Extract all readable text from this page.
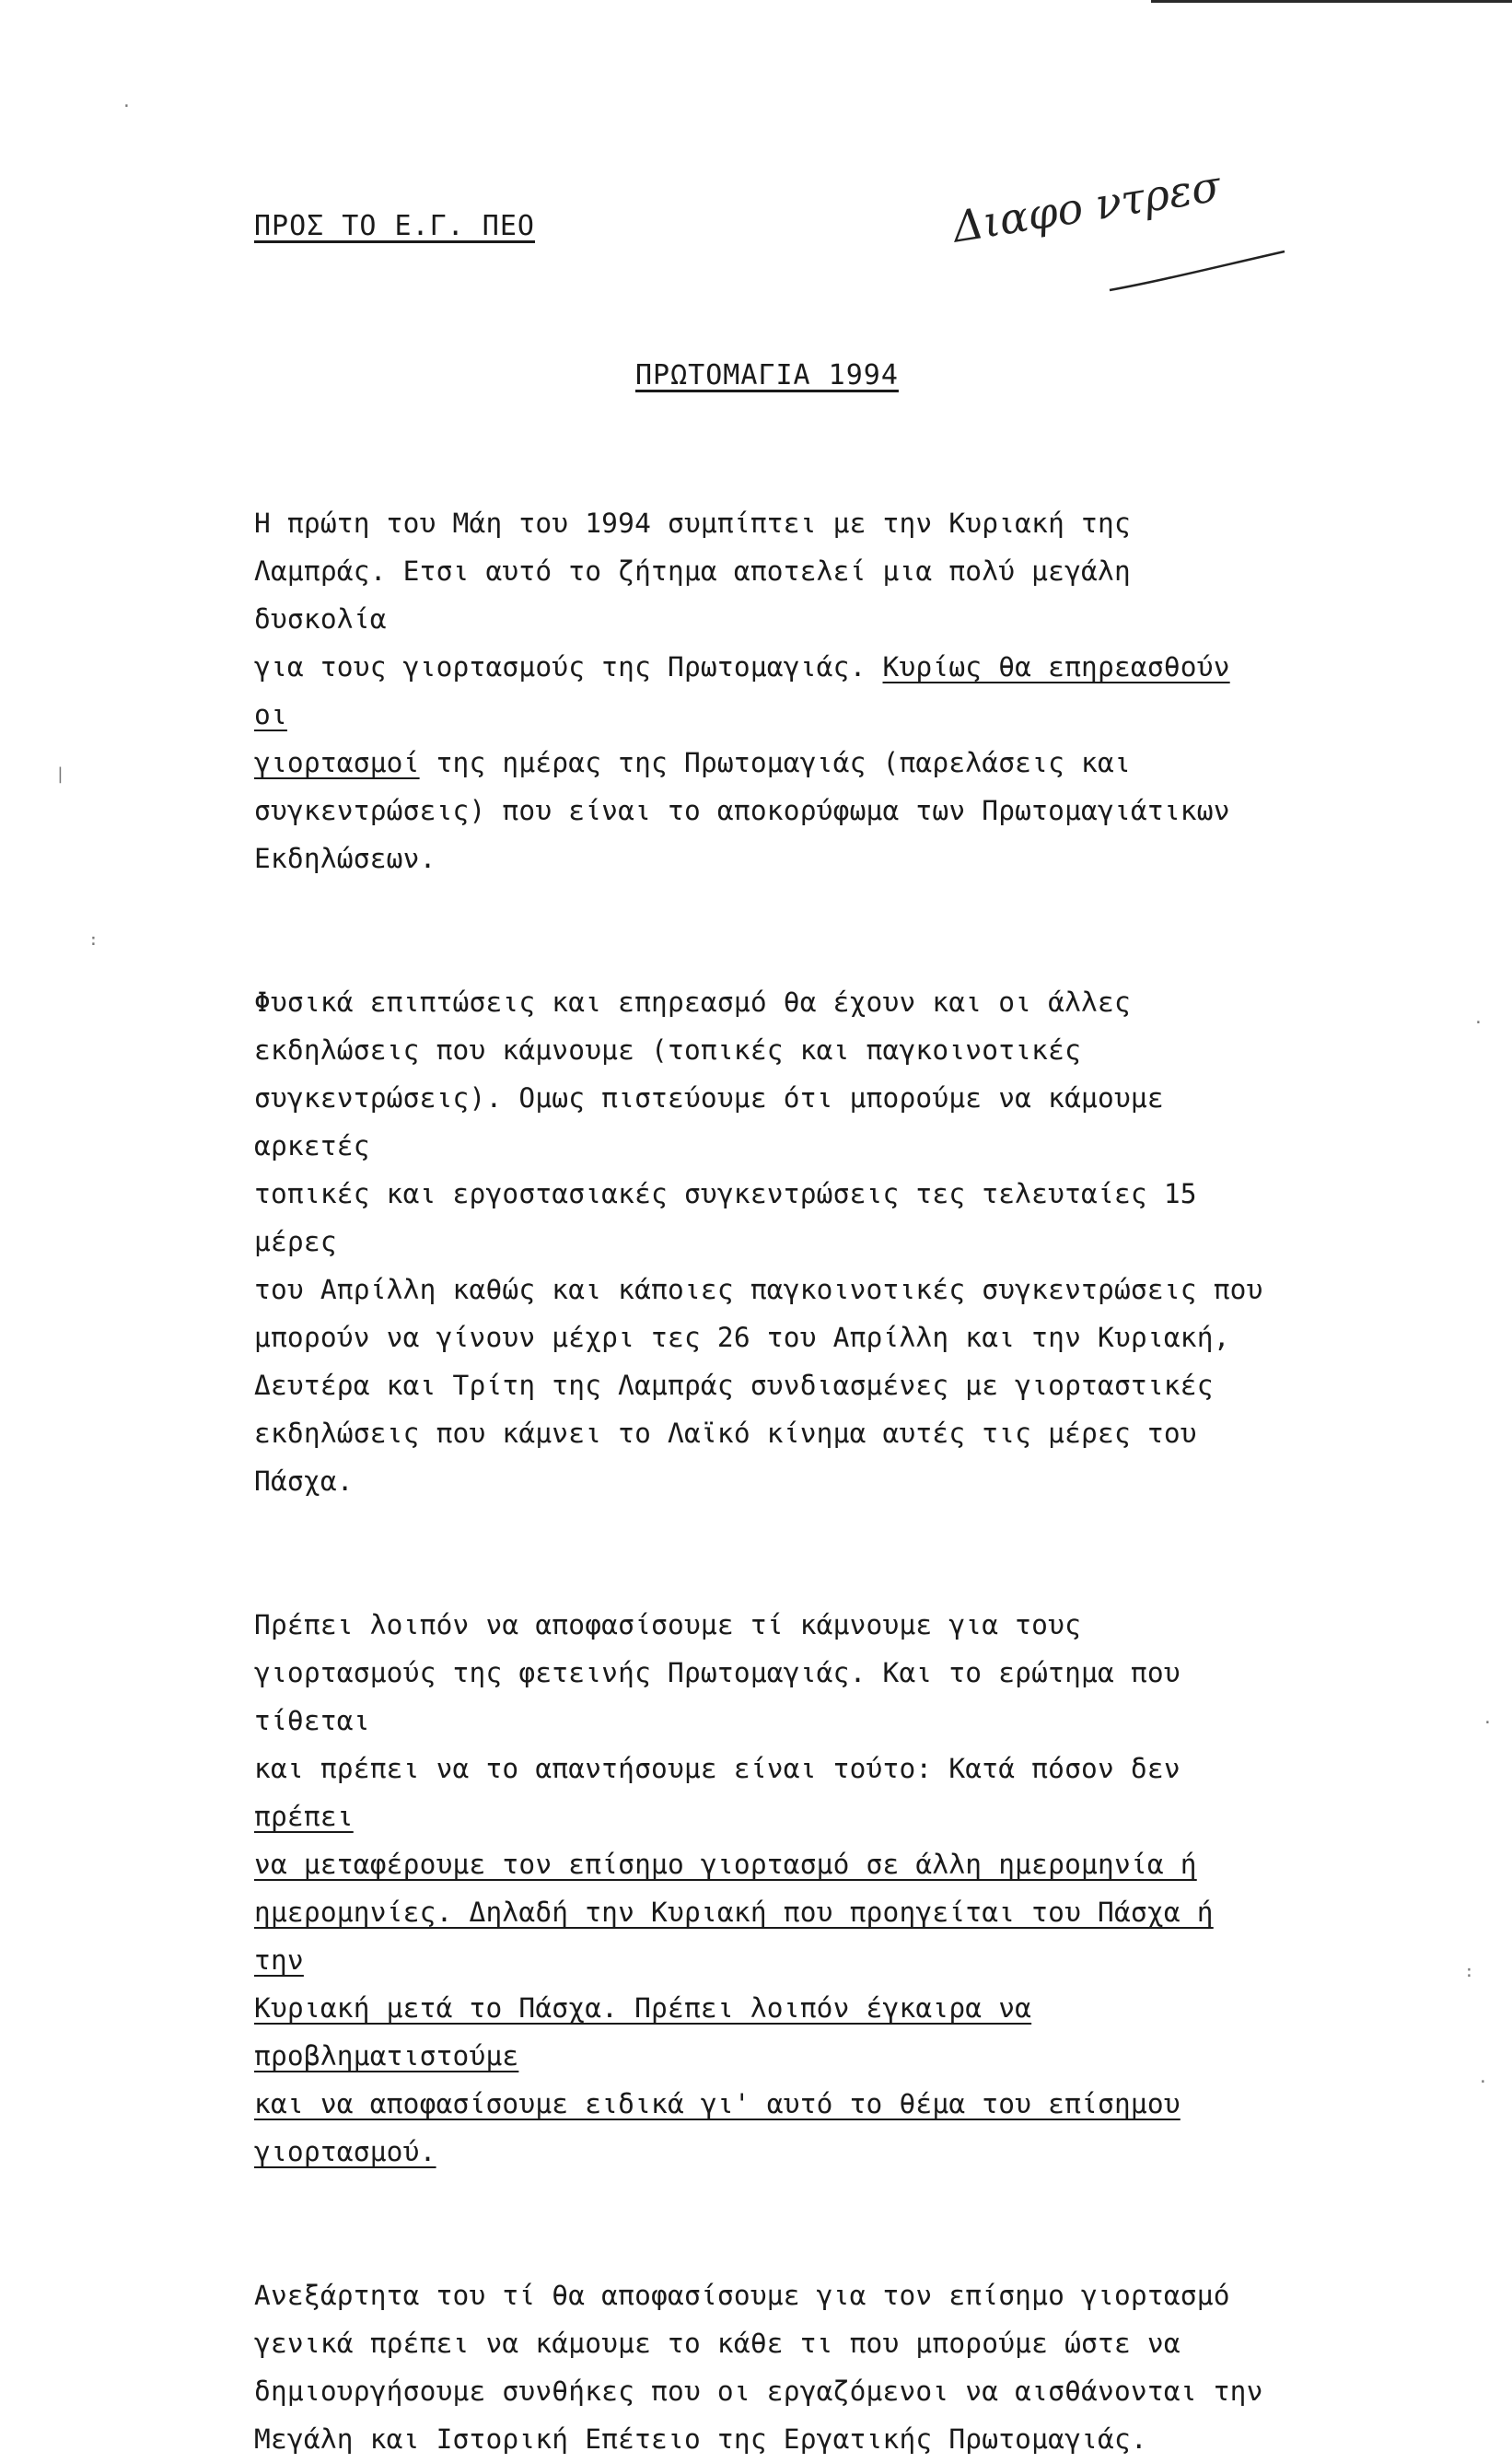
ΠΡΟΣ ΤΟ Ε.Γ. ΠΕΟ	Διαφο ντρεσ
ΠΡΩΤΟΜΑΓΙΑ 1994

Η πρώτη του Μάη του 1994 συμπίπτει με την Κυριακή της
Λαμπράς. Ετσι αυτό το ζήτημα αποτελεί μια πολύ μεγάλη δυσκολία
για τους γιορτασμούς της Πρωτομαγιάς. Κυρίως θα επηρεασθούν οι
γιορτασμοί της ημέρας της Πρωτομαγιάς (παρελάσεις και
συγκεντρώσεις) που είναι το αποκορύφωμα των Πρωτομαγιάτικων
Εκδηλώσεων.

Φυσικά επιπτώσεις και επηρεασμό θα έχουν και οι άλλες
εκδηλώσεις που κάμνουμε (τοπικές και παγκοινοτικές
συγκεντρώσεις). Ομως πιστεύουμε ότι μπορούμε να κάμουμε αρκετές
τοπικές και εργοστασιακές συγκεντρώσεις τες τελευταίες 15 μέρες
του Απρίλλη καθώς και κάποιες παγκοινοτικές συγκεντρώσεις που
μπορούν να γίνουν μέχρι τες 26 του Απρίλλη και την Κυριακή,
Δευτέρα και Τρίτη της Λαμπράς συνδιασμένες με γιορταστικές
εκδηλώσεις που κάμνει το Λαϊκό κίνημα αυτές τις μέρες του Πάσχα.

Πρέπει λοιπόν να αποφασίσουμε τί κάμνουμε για τους
γιορτασμούς της φετεινής Πρωτομαγιάς. Και το ερώτημα που τίθεται
και πρέπει να το απαντήσουμε είναι τούτο: Κατά πόσον δεν πρέπει
να μεταφέρουμε τον επίσημο γιορτασμό σε άλλη ημερομηνία ή
ημερομηνίες. Δηλαδή την Κυριακή που προηγείται του Πάσχα ή την
Κυριακή μετά το Πάσχα. Πρέπει λοιπόν έγκαιρα να προβληματιστούμε
και να αποφασίσουμε ειδικά γι' αυτό το θέμα του επίσημου
γιορτασμού.

Ανεξάρτητα του τί θα αποφασίσουμε για τον επίσημο γιορτασμό
γενικά πρέπει να κάμουμε το κάθε τι που μπορούμε ώστε να
δημιουργήσουμε συνθήκες που οι εργαζόμενοι να αισθάνονται την
Μεγάλη και Ιστορική Επέτειο της Εργατικής Πρωτομαγιάς.

·
|
:
·
·
:
·
